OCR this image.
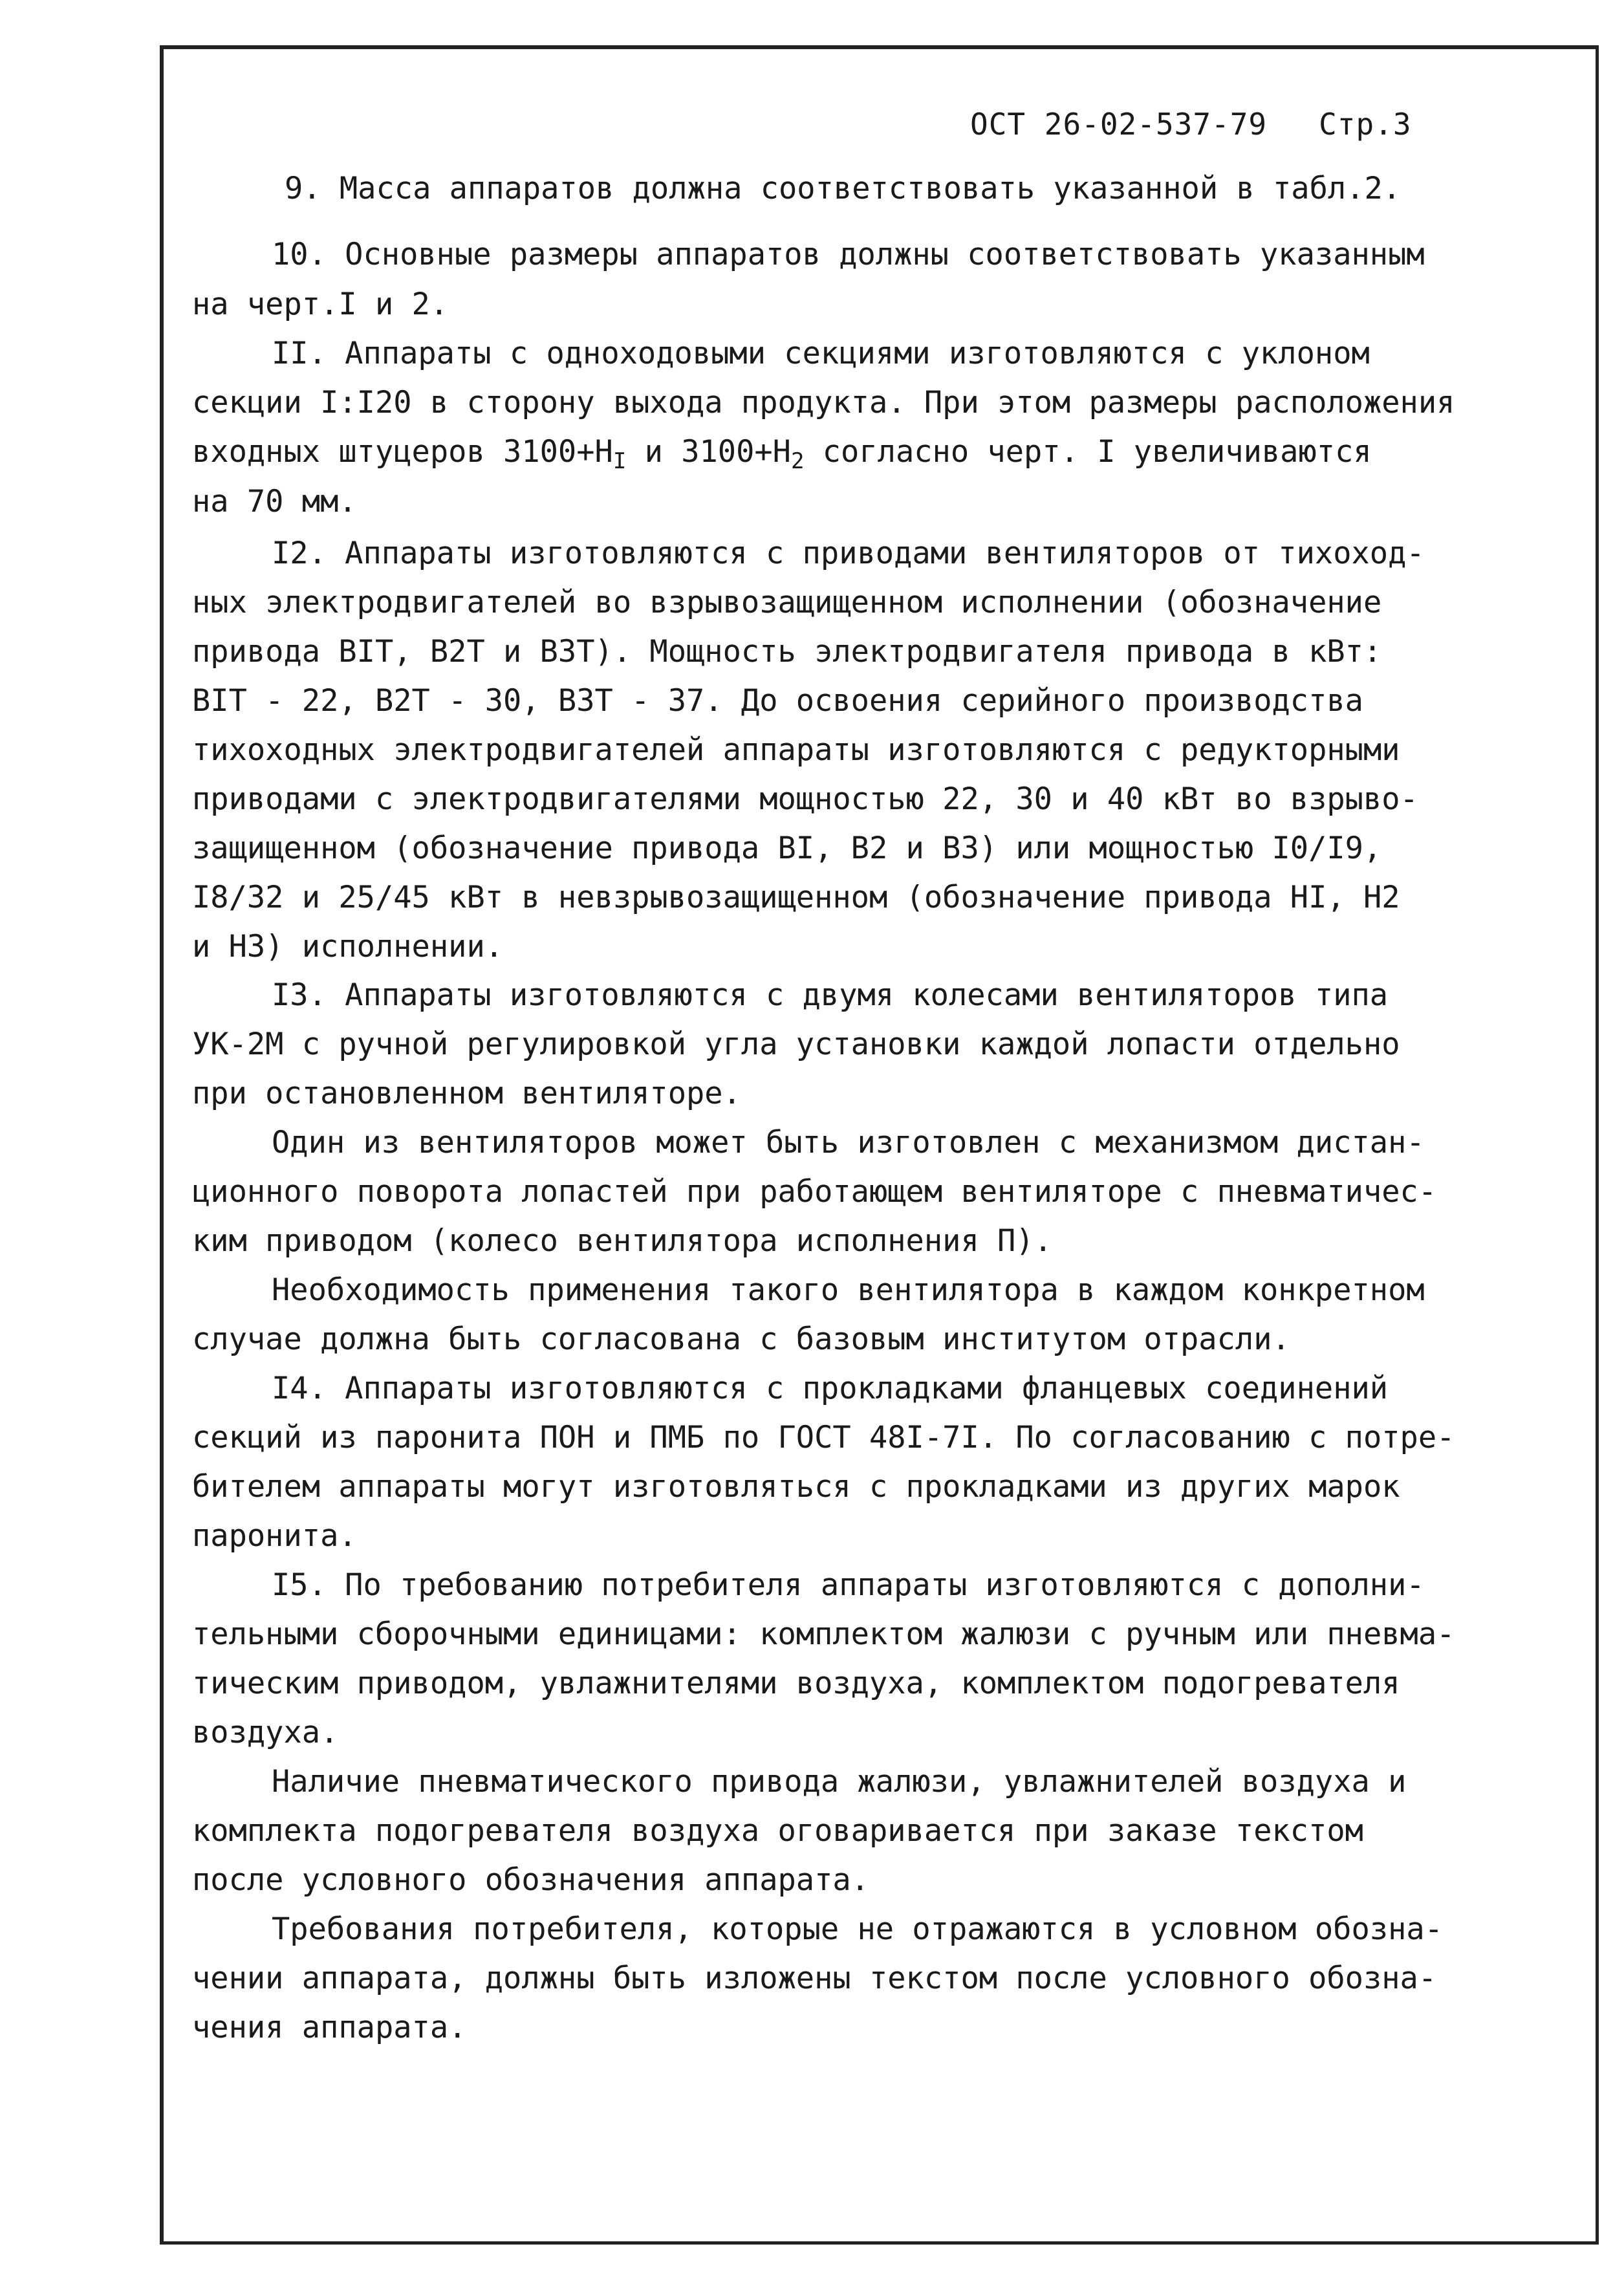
ОСТ 26-02-537-79 Стр.3
9. Масса аппаратов должна соответствовать указанной в табл.2.
10. Основные размеры аппаратов должны соответствовать указанным
на черт.I и 2.
II. Аппараты с одноходовыми секциями изготовляются с уклоном
секции I:I20 в сторону выхода продукта. При этом размеры расположения
входных штуцеров $3100+H_I$ и $3100+H_2$ согласно черт. I увеличиваются
на 70 мм.
I2. Аппараты изготовляются с приводами вентиляторов от тихоход-
ных электродвигателей во взрывозащищенном исполнении (обозначение
привода BIT, B2T и B3T). Мощность электродвигателя привода в кВт:
BIT - 22, B2T - 30, B3T - 37. До освоения серийного производства
тихоходных электродвигателей аппараты изготовляются с редукторными
приводами с электродвигателями мощностью 22, 30 и 40 кВт во взрыво-
защищенном (обозначение привода BI, B2 и B3) или мощностью I0/I9,
I8/32 и 25/45 кВт в невзрывозащищенном (обозначение привода HI, H2
и H3) исполнении.
I3. Аппараты изготовляются с двумя колесами вентиляторов типа
УК-2М с ручной регулировкой угла установки каждой лопасти отдельно
при остановленном вентиляторе.
Один из вентиляторов может быть изготовлен с механизмом дистан-
ционного поворота лопастей при работающем вентиляторе с пневматичес-
ким приводом (колесо вентилятора исполнения П).
Необходимость применения такого вентилятора в каждом конкретном
случае должна быть согласована с базовым институтом отрасли.
I4. Аппараты изготовляются с прокладками фланцевых соединений
секций из паронита ПОН и ПМБ по ГОСТ 48I-7I. По согласованию с потре-
бителем аппараты могут изготовляться с прокладками из других марок
паронита.
I5. По требованию потребителя аппараты изготовляются с дополни-
тельными сборочными единицами: комплектом жалюзи с ручным или пневма-
тическим приводом, увлажнителями воздуха, комплектом подогревателя
воздуха.
Наличие пневматического привода жалюзи, увлажнителей воздуха и
комплекта подогревателя воздуха оговаривается при заказе текстом
после условного обозначения аппарата.
Требования потребителя, которые не отражаются в условном обозна-
чении аппарата, должны быть изложены текстом после условного обозна-
чения аппарата.
